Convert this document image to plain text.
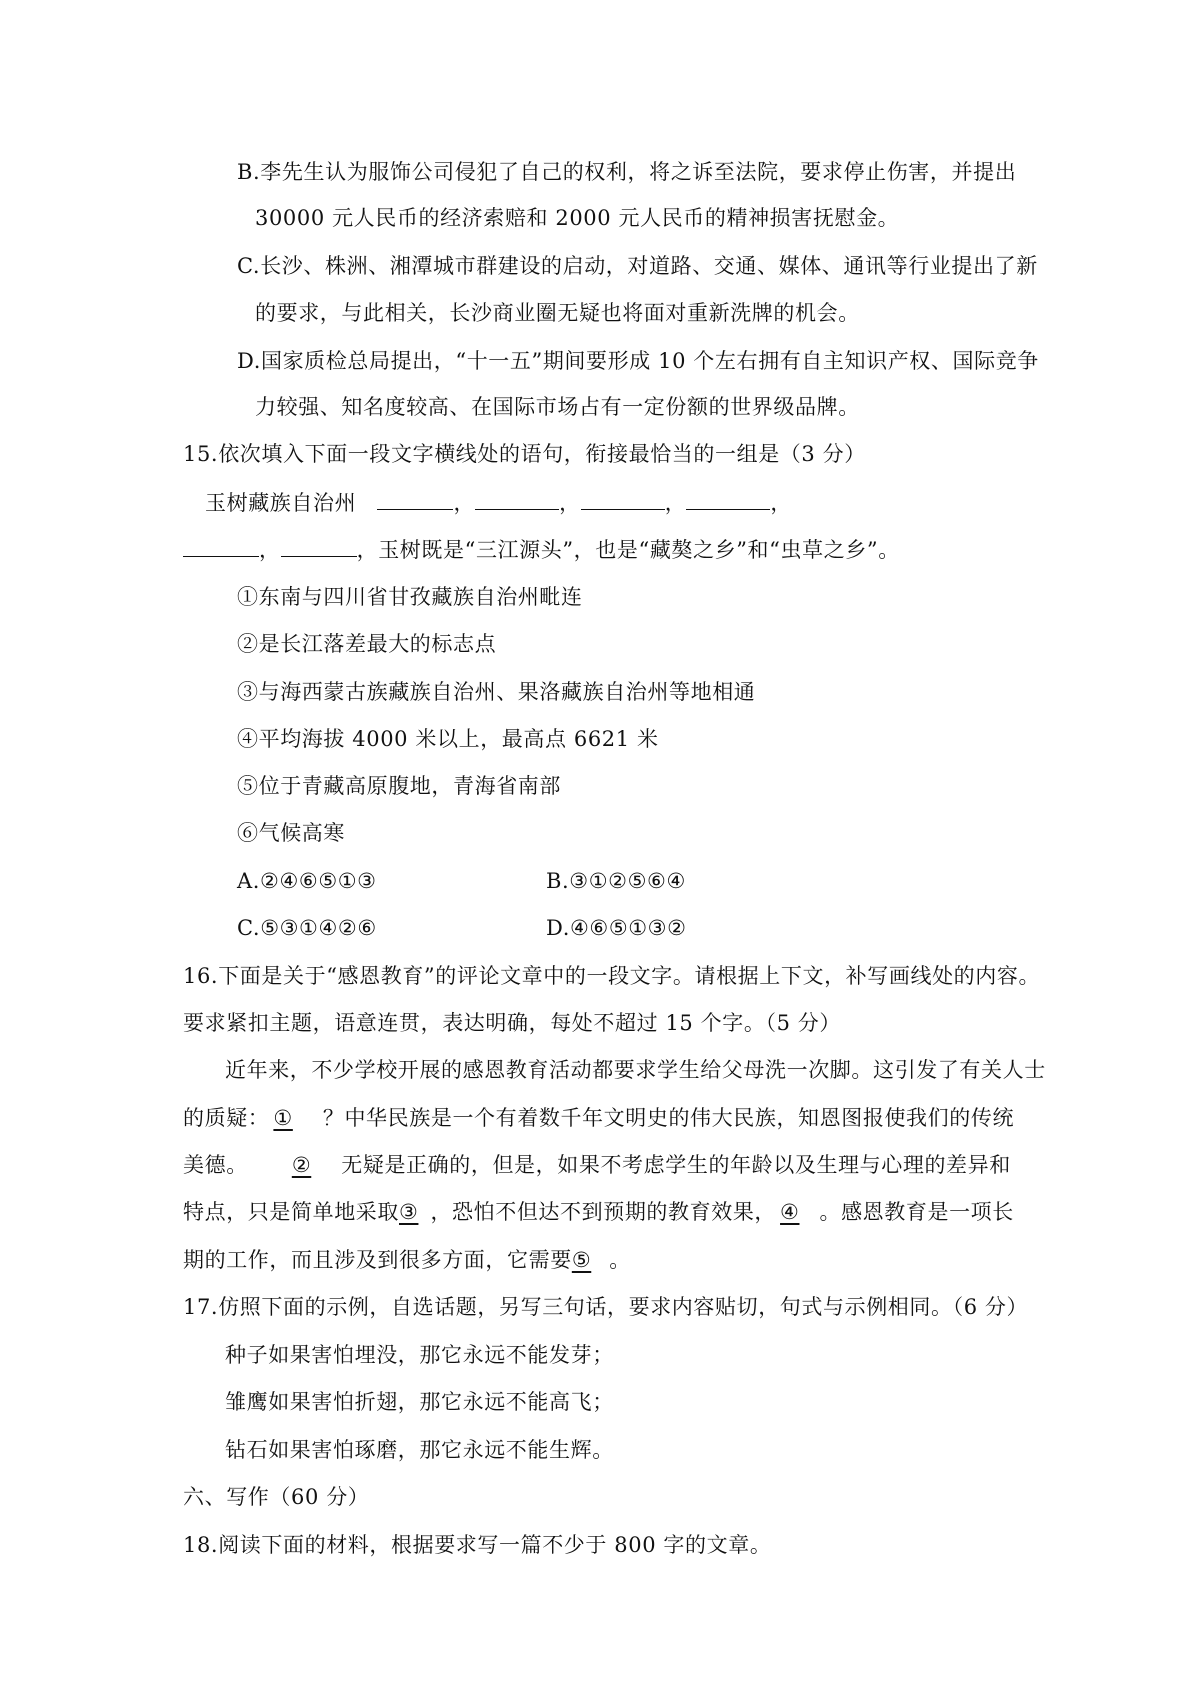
B.李先生认为服饰公司侵犯了自己的权利，将之诉至法院，要求停止伤害，并提出
30000 元人民币的经济索赔和 2000 元人民币的精神损害抚慰金。
C.长沙、株洲、湘潭城市群建设的启动，对道路、交通、媒体、通讯等行业提出了新
的要求，与此相关，长沙商业圈无疑也将面对重新洗牌的机会。
D.国家质检总局提出，“十一五”期间要形成 10 个左右拥有自主知识产权、国际竞争
力较强、知名度较高、在国际市场占有一定份额的世界级品牌。
15.依次填入下面一段文字横线处的语句，衔接最恰当的一组是（3 分）
玉树藏族自治州	，	，	，	，
，	，玉树既是“三江源头”，也是“藏獒之乡”和“虫草之乡”。
①东南与四川省甘孜藏族自治州毗连
②是长江落差最大的标志点
③与海西蒙古族藏族自治州、果洛藏族自治州等地相通
④平均海拔 4000 米以上，最高点 6621 米
⑤位于青藏高原腹地，青海省南部
⑥气候高寒
A.②④⑥⑤①③	B.③①②⑤⑥④
C.⑤③①④②⑥	D.④⑥⑤①③②
16.下面是关于“感恩教育”的评论文章中的一段文字。请根据上下文，补写画线处的内容。
要求紧扣主题，语意连贯，表达明确，每处不超过 15 个字。（5 分）
近年来，不少学校开展的感恩教育活动都要求学生给父母洗一次脚。这引发了有关人士
的质疑： ① ？中华民族是一个有着数千年文明史的伟大民族，知恩图报使我们的传统
美德。 ② 无疑是正确的，但是，如果不考虑学生的年龄以及生理与心理的差异和
特点，只是简单地采取③ ，恐怕不但达不到预期的教育效果， ④ 。感恩教育是一项长
期的工作，而且涉及到很多方面，它需要⑤ 。
17.仿照下面的示例，自选话题，另写三句话，要求内容贴切，句式与示例相同。（6 分）
种子如果害怕埋没，那它永远不能发芽；
雏鹰如果害怕折翅，那它永远不能高飞；
钻石如果害怕琢磨，那它永远不能生辉。
六、写作（60 分）
18.阅读下面的材料，根据要求写一篇不少于 800 字的文章。
